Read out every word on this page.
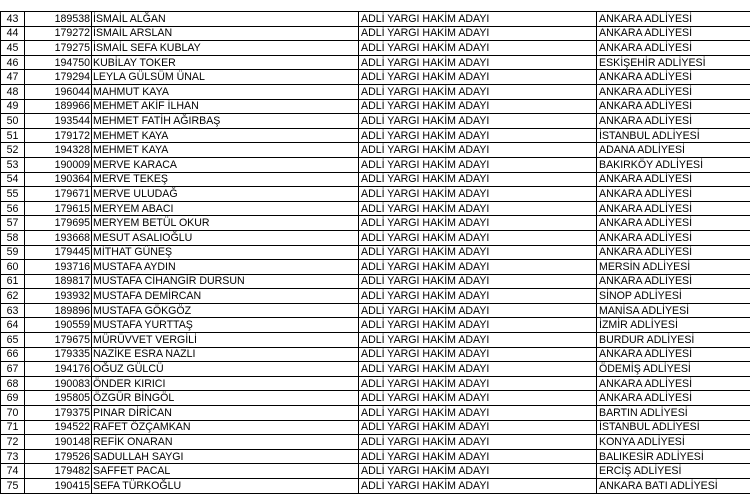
43	189538	İSMAİL ALĞAN	ADLİ YARGI HAKİM ADAYI	ANKARA ADLİYESİ
44	179272	İSMAİL ARSLAN	ADLİ YARGI HAKİM ADAYI	ANKARA ADLİYESİ
45	179275	İSMAİL SEFA KUBLAY	ADLİ YARGI HAKİM ADAYI	ANKARA ADLİYESİ
46	194750	KUBİLAY TOKER	ADLİ YARGI HAKİM ADAYI	ESKİŞEHİR ADLİYESİ
47	179294	LEYLA GÜLSÜM ÜNAL	ADLİ YARGI HAKİM ADAYI	ANKARA ADLİYESİ
48	196044	MAHMUT KAYA	ADLİ YARGI HAKİM ADAYI	ANKARA ADLİYESİ
49	189966	MEHMET AKİF İLHAN	ADLİ YARGI HAKİM ADAYI	ANKARA ADLİYESİ
50	193544	MEHMET FATİH AĞIRBAŞ	ADLİ YARGI HAKİM ADAYI	ANKARA ADLİYESİ
51	179172	MEHMET KAYA	ADLİ YARGI HAKİM ADAYI	İSTANBUL ADLİYESİ
52	194328	MEHMET KAYA	ADLİ YARGI HAKİM ADAYI	ADANA ADLİYESİ
53	190009	MERVE KARACA	ADLİ YARGI HAKİM ADAYI	BAKIRKÖY ADLİYESİ
54	190364	MERVE TEKEŞ	ADLİ YARGI HAKİM ADAYI	ANKARA ADLİYESİ
55	179671	MERVE ULUDAĞ	ADLİ YARGI HAKİM ADAYI	ANKARA ADLİYESİ
56	179615	MERYEM ABACI	ADLİ YARGI HAKİM ADAYI	ANKARA ADLİYESİ
57	179695	MERYEM BETÜL OKUR	ADLİ YARGI HAKİM ADAYI	ANKARA ADLİYESİ
58	193668	MESUT ASALIOĞLU	ADLİ YARGI HAKİM ADAYI	ANKARA ADLİYESİ
59	179445	MİTHAT GÜNEŞ	ADLİ YARGI HAKİM ADAYI	ANKARA ADLİYESİ
60	193716	MUSTAFA AYDIN	ADLİ YARGI HAKİM ADAYI	MERSİN ADLİYESİ
61	189817	MUSTAFA CİHANGİR DURSUN	ADLİ YARGI HAKİM ADAYI	ANKARA ADLİYESİ
62	193932	MUSTAFA DEMİRCAN	ADLİ YARGI HAKİM ADAYI	SİNOP ADLİYESİ
63	189896	MUSTAFA GÖKGÖZ	ADLİ YARGI HAKİM ADAYI	MANİSA ADLİYESİ
64	190559	MUSTAFA YURTTAŞ	ADLİ YARGI HAKİM ADAYI	İZMİR ADLİYESİ
65	179675	MÜRÜVVET VERGİLİ	ADLİ YARGI HAKİM ADAYI	BURDUR ADLİYESİ
66	179335	NAZİKE ESRA NAZLI	ADLİ YARGI HAKİM ADAYI	ANKARA ADLİYESİ
67	194176	OĞUZ GÜLCÜ	ADLİ YARGI HAKİM ADAYI	ÖDEMİŞ ADLİYESİ
68	190083	ÖNDER KIRICI	ADLİ YARGI HAKİM ADAYI	ANKARA ADLİYESİ
69	195805	ÖZGÜR BİNGÖL	ADLİ YARGI HAKİM ADAYI	ANKARA ADLİYESİ
70	179375	PINAR DİRİCAN	ADLİ YARGI HAKİM ADAYI	BARTIN ADLİYESİ
71	194522	RAFET ÖZÇAMKAN	ADLİ YARGI HAKİM ADAYI	İSTANBUL ADLİYESİ
72	190148	REFİK ONARAN	ADLİ YARGI HAKİM ADAYI	KONYA ADLİYESİ
73	179526	SADULLAH SAYGI	ADLİ YARGI HAKİM ADAYI	BALIKESİR ADLİYESİ
74	179482	SAFFET PACAL	ADLİ YARGI HAKİM ADAYI	ERCİŞ ADLİYESİ
75	190415	SEFA TÜRKOĞLU	ADLİ YARGI HAKİM ADAYI	ANKARA BATI ADLİYESİ
